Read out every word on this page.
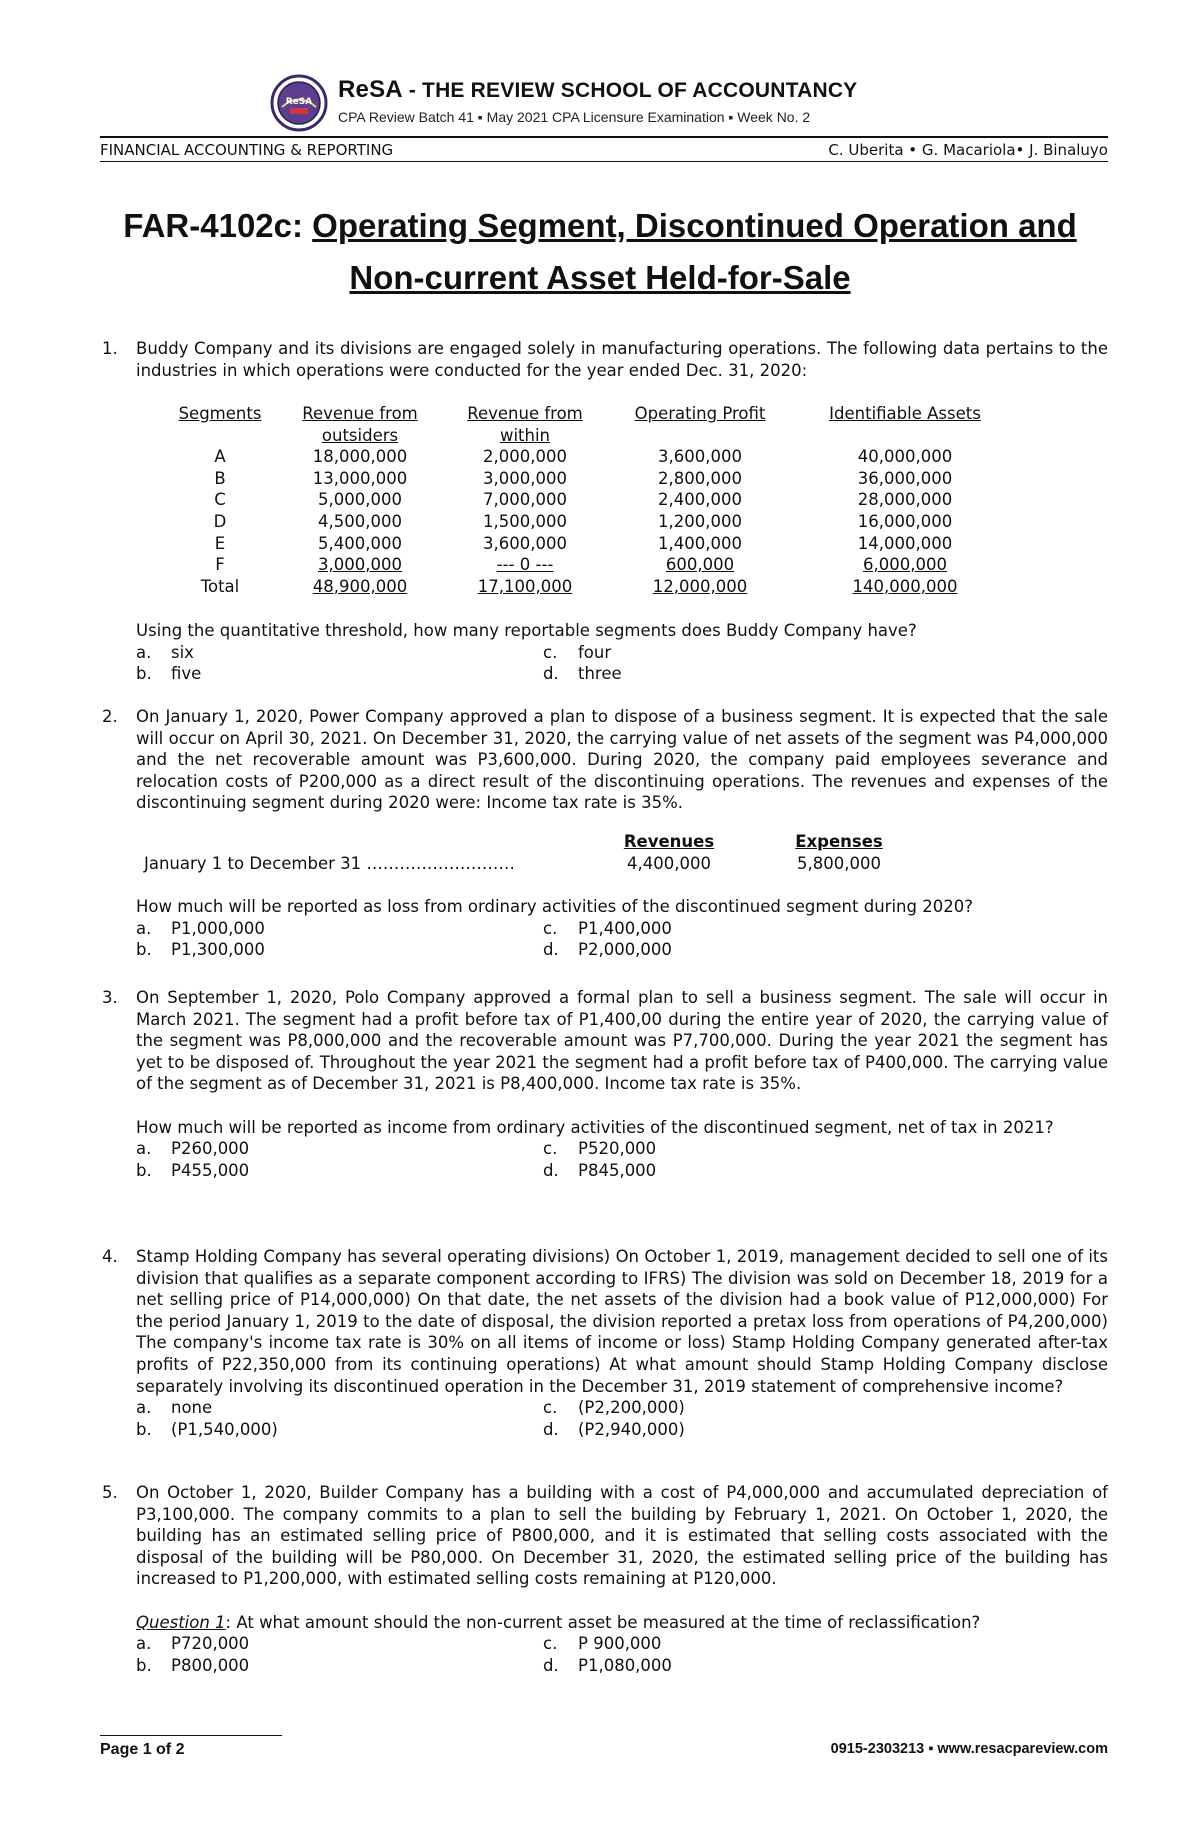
ReSA ReSA - THE REVIEW SCHOOL OF ACCOUNTANCY
CPA Review Batch 41 ▪ May 2021 CPA Licensure Examination ▪ Week No. 2
FINANCIAL ACCOUNTING & REPORTING	C. Uberita • G. Macariola• J. Binaluyo
FAR-4102c: Operating Segment, Discontinued Operation and
Non-current Asset Held-for-Sale
1. Buddy Company and its divisions are engaged solely in manufacturing operations. The following data pertains to the industries in which operations were conducted for the year ended Dec. 31, 2020:

Segments	Revenue from	Revenue from	Operating Profit	Identifiable Assets
outsiders	within
A	18,000,000	2,000,000	3,600,000	40,000,000
B	13,000,000	3,000,000	2,800,000	36,000,000
C	5,000,000	7,000,000	2,400,000	28,000,000
D	4,500,000	1,500,000	1,200,000	16,000,000
E	5,400,000	3,600,000	1,400,000	14,000,000
F	3,000,000	--- 0 ---	600,000	6,000,000
Total	48,900,000	17,100,000	12,000,000	140,000,000

Using the quantitative threshold, how many reportable segments does Buddy Company have?

a.	six	c.	four
b.	five	d.	three
2. On January 1, 2020, Power Company approved a plan to dispose of a business segment. It is expected that the sale will occur on April 30, 2021. On December 31, 2020, the carrying value of net assets of the segment was P4,000,000 and the net recoverable amount was P3,600,000. During 2020, the company paid employees severance and relocation costs of P200,000 as a direct result of the discontinuing operations. The revenues and expenses of the discontinuing segment during 2020 were: Income tax rate is 35%.

Revenues	Expenses
January 1 to December 31 ………………………	4,400,000	5,800,000

How much will be reported as loss from ordinary activities of the discontinued segment during 2020?

a.	P1,000,000	c.	P1,400,000
b.	P1,300,000	d.	P2,000,000
3. On September 1, 2020, Polo Company approved a formal plan to sell a business segment. The sale will occur in March 2021. The segment had a profit before tax of P1,400,00 during the entire year of 2020, the carrying value of the segment was P8,000,000 and the recoverable amount was P7,700,000. During the year 2021 the segment has yet to be disposed of. Throughout the year 2021 the segment had a profit before tax of P400,000. The carrying value of the segment as of December 31, 2021 is P8,400,000. Income tax rate is 35%.

How much will be reported as income from ordinary activities of the discontinued segment, net of tax in 2021?

a.	P260,000	c.	P520,000
b.	P455,000	d.	P845,000
4. Stamp Holding Company has several operating divisions) On October 1, 2019, management decided to sell one of its division that qualifies as a separate component according to IFRS) The division was sold on December 18, 2019 for a net selling price of P14,000,000) On that date, the net assets of the division had a book value of P12,000,000) For the period January 1, 2019 to the date of disposal, the division reported a pretax loss from operations of P4,200,000) The company's income tax rate is 30% on all items of income or loss) Stamp Holding Company generated after-tax profits of P22,350,000 from its continuing operations) At what amount should Stamp Holding Company disclose separately involving its discontinued operation in the December 31, 2019 statement of comprehensive income?

a.	none	c.	(P2,200,000)
b.	(P1,540,000)	d.	(P2,940,000)
5. On October 1, 2020, Builder Company has a building with a cost of P4,000,000 and accumulated depreciation of P3,100,000. The company commits to a plan to sell the building by February 1, 2021. On October 1, 2020, the building has an estimated selling price of P800,000, and it is estimated that selling costs associated with the disposal of the building will be P80,000. On December 31, 2020, the estimated selling price of the building has increased to P1,200,000, with estimated selling costs remaining at P120,000.

Question 1: At what amount should the non-current asset be measured at the time of reclassification?

a.	P720,000	c.	P 900,000
b.	P800,000	d.	P1,080,000
Page 1 of 2	0915-2303213 ▪ www.resacpareview.com
